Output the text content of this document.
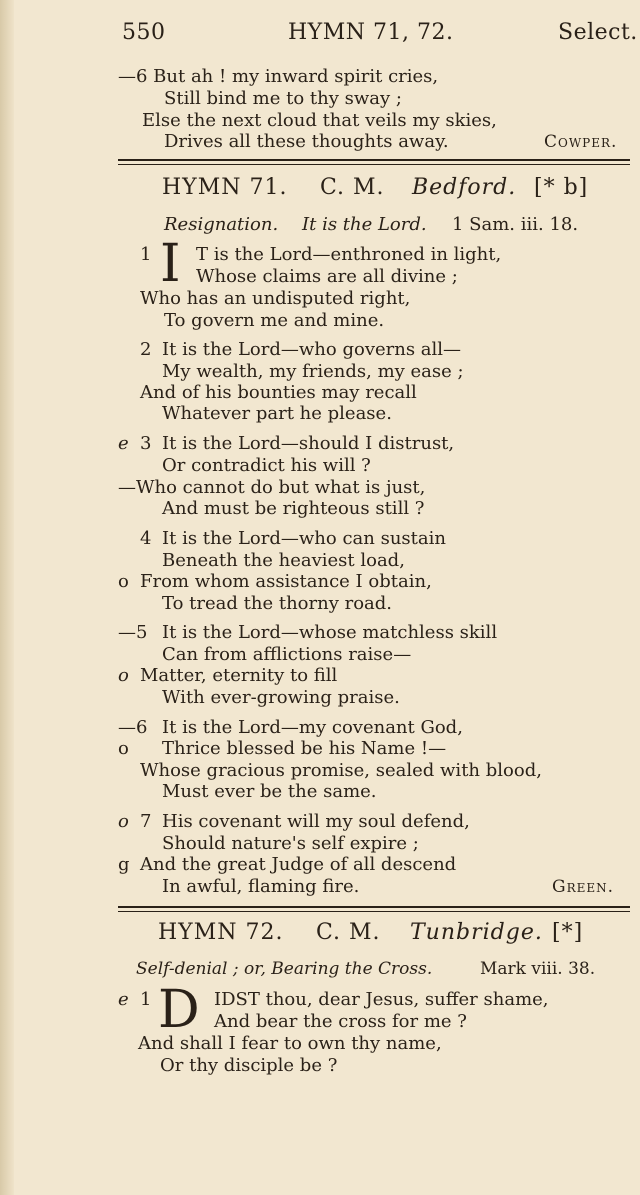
550	HYMN 71, 72.	Select.
—6 But ah ! my inward spirit cries,
Still bind me to thy sway ;
Else the next cloud that veils my skies,
Drives all these thoughts away.	Cowper.
HYMN 71. C. M. Bedford. [* b]
Resignation. It is the Lord. 1 Sam. iii. 18.
1 I T is the Lord—enthroned in light,
Whose claims are all divine ;
Who has an undisputed right,
To govern me and mine.
2 It is the Lord—who governs all—
My wealth, my friends, my ease ;
And of his bounties may recall
Whatever part he please.
e 3 It is the Lord—should I distrust,
Or contradict his will ?
—Who cannot do but what is just,
And must be righteous still ?
4 It is the Lord—who can sustain
Beneath the heaviest load,
o From whom assistance I obtain,
To tread the thorny road.
—5 It is the Lord—whose matchless skill
Can from afflictions raise—
o Matter, eternity to fill
With ever-growing praise.
—6 It is the Lord—my covenant God,
o Thrice blessed be his Name !—
Whose gracious promise, sealed with blood,
Must ever be the same.
o 7 His covenant will my soul defend,
Should nature's self expire ;
g And the great Judge of all descend
In awful, flaming fire.	Green.
HYMN 72. C. M. Tunbridge. [*]
Self-denial ; or, Bearing the Cross.	Mark viii. 38.
e 1 D IDST thou, dear Jesus, suffer shame,
And bear the cross for me ?
And shall I fear to own thy name,
Or thy disciple be ?
